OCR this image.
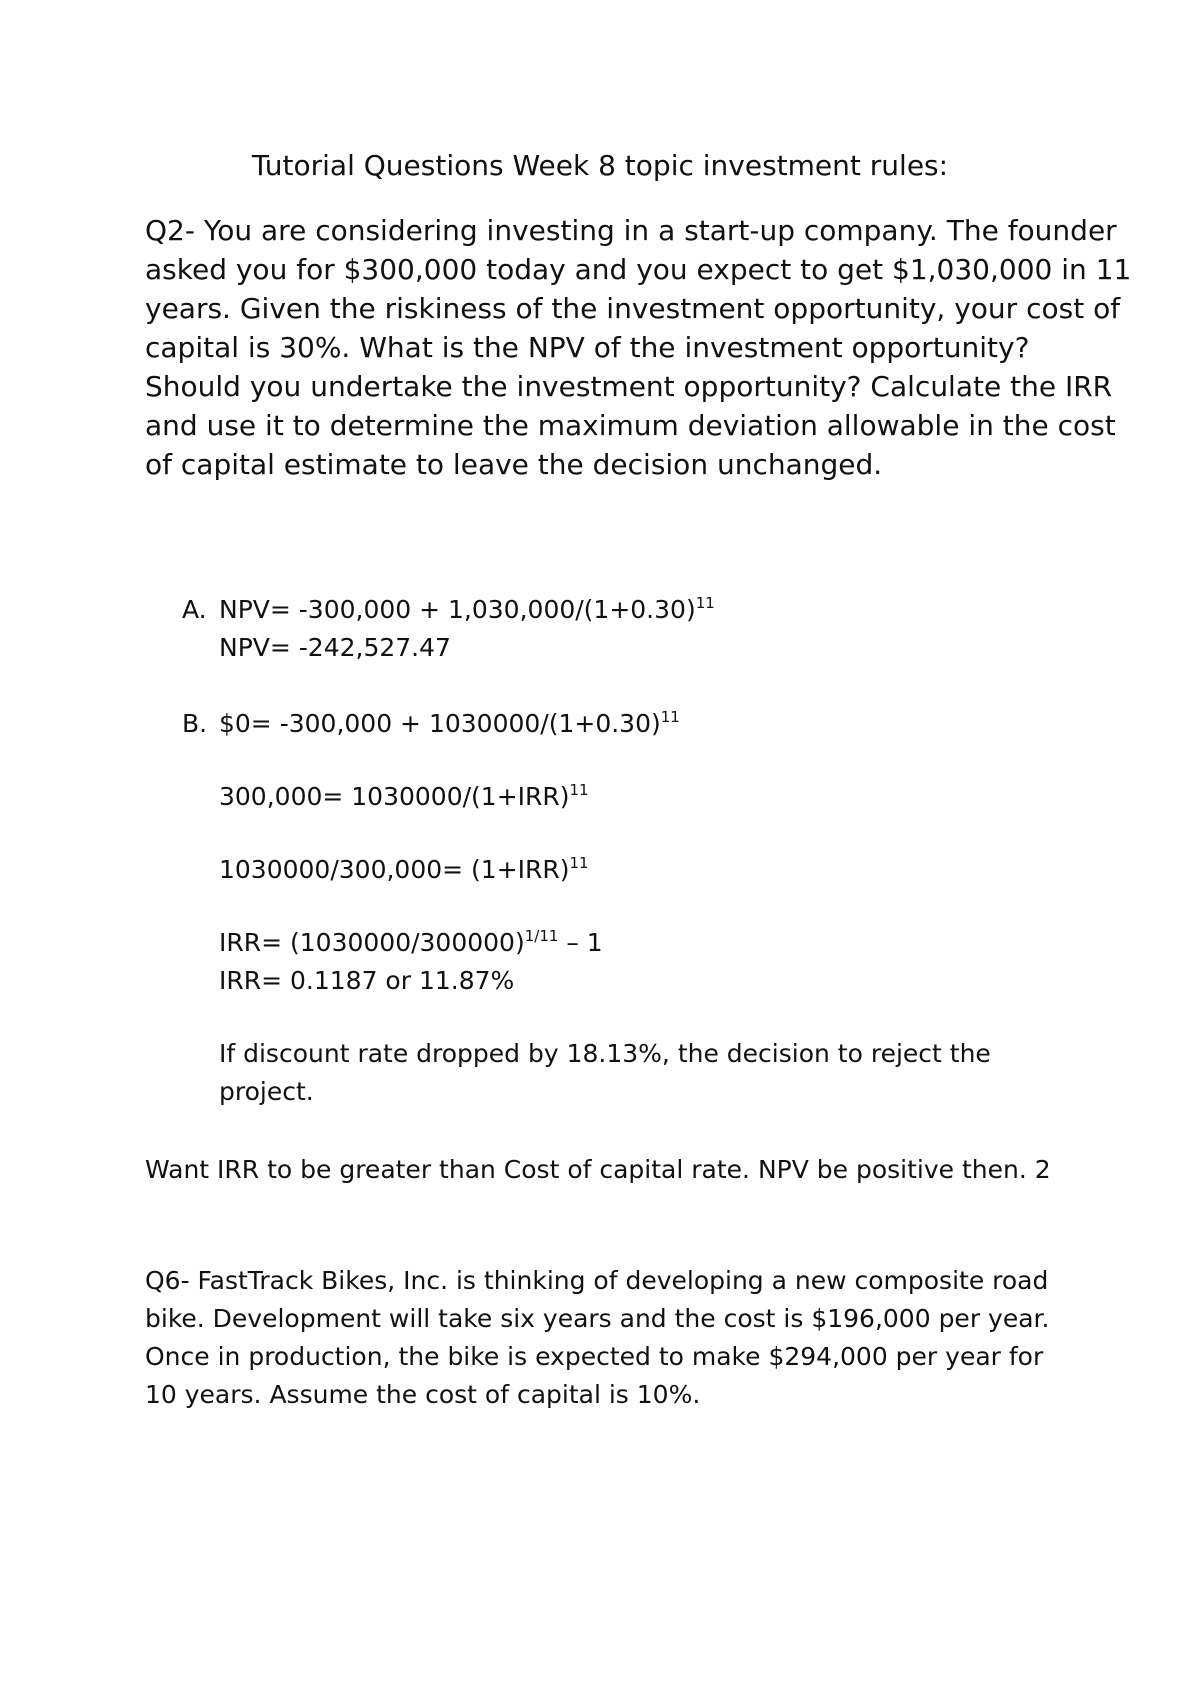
Tutorial Questions Week 8 topic investment rules:
Q2- You are considering investing in a start-up company. The founder
asked you for $300,000 today and you expect to get $1,030,000 in 11
years. Given the riskiness of the investment opportunity, your cost of
capital is 30%. What is the NPV of the investment opportunity?
Should you undertake the investment opportunity? Calculate the IRR
and use it to determine the maximum deviation allowable in the cost
of capital estimate to leave the decision unchanged.
A. $NPV= -300,000 + 1,030,000/(1+0.30)^{11}$
NPV= -242,527.47
B. $0= $-300,000 + 1030000/(1+0.30)^{11}$
$300,000= 1030000/(1+IRR)^{11}$
$1030000/300,000= (1+IRR)^{11}$
$IRR= (1030000/300000)^{1/11} - 1$
IRR= 0.1187 or 11.87%
If discount rate dropped by 18.13%, the decision to reject the
project.
Want IRR to be greater than Cost of capital rate. NPV be positive then. 2
Q6- FastTrack Bikes, Inc. is thinking of developing a new composite road
bike. Development will take six years and the cost is $196,000 per year.
Once in production, the bike is expected to make $294,000 per year for
10 years. Assume the cost of capital is 10%.
